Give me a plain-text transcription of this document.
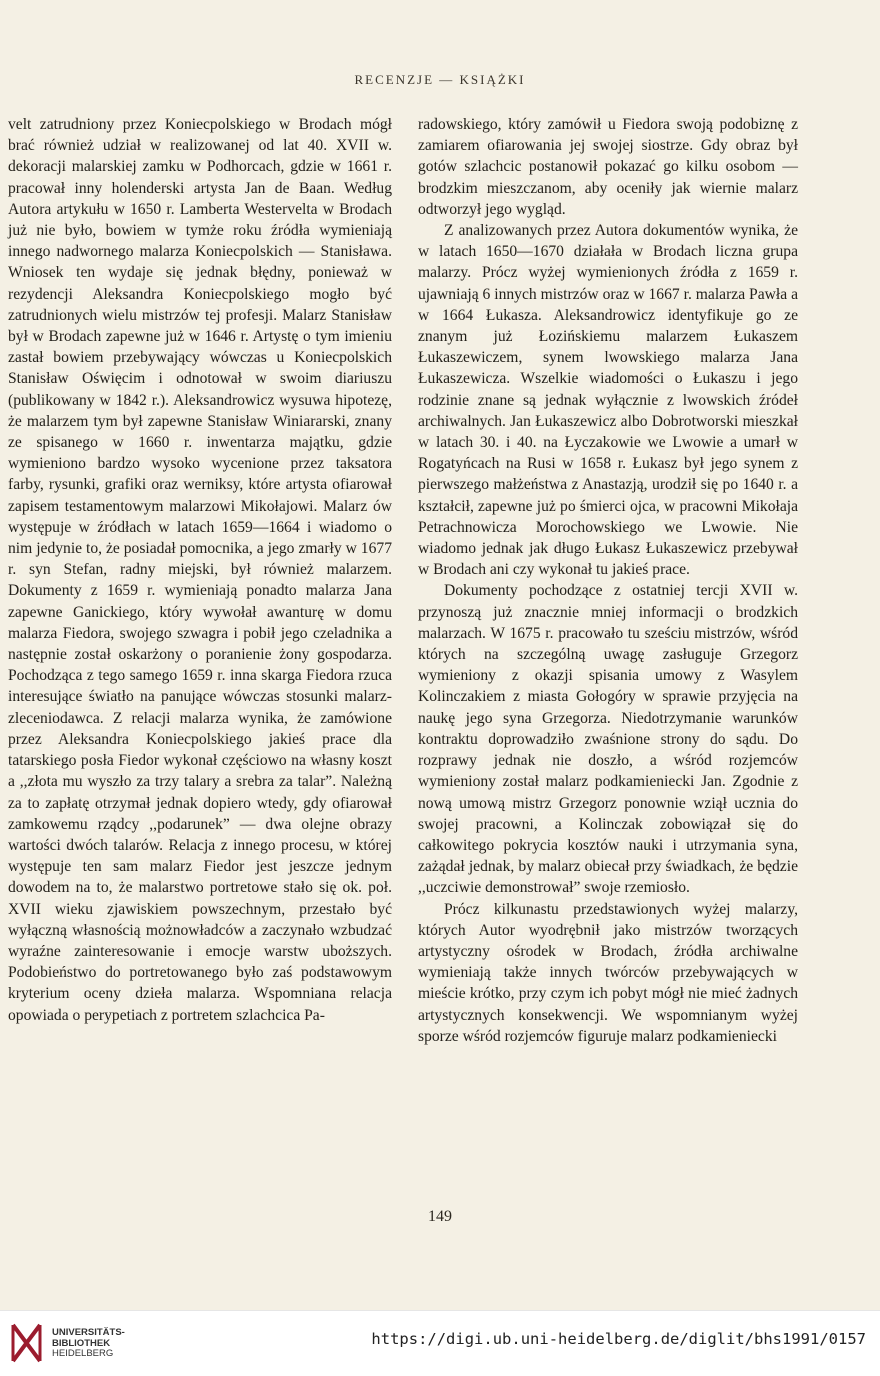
RECENZJE — KSIĄŻKI

velt zatrudniony przez Koniecpolskiego w Brodach mógł brać również udział w realizowanej od lat 40. XVII w. dekoracji malarskiej zamku w Podhorcach, gdzie w 1661 r. pracował inny holenderski artysta Jan de Baan. Według Autora artykułu w 1650 r. Lamberta Westervelta w Brodach już nie było, bowiem w tymże roku źródła wymieniają innego nadwornego malarza Koniecpolskich — Stanisława. Wniosek ten wydaje się jednak błędny, ponieważ w rezydencji Aleksandra Koniecpolskiego mogło być zatrudnionych wielu mistrzów tej profesji. Malarz Stanisław był w Brodach zapewne już w 1646 r. Artystę o tym imieniu zastał bowiem przebywający wówczas u Koniecpolskich Stanisław Oświęcim i odnotował w swoim diariuszu (publikowany w 1842 r.). Aleksandrowicz wysuwa hipotezę, że malarzem tym był zapewne Stanisław Winiararski, znany ze spisanego w 1660 r. inwentarza majątku, gdzie wymieniono bardzo wysoko wycenione przez taksatora farby, rysunki, grafiki oraz werniksy, które artysta ofiarował zapisem testamentowym malarzowi Mikołajowi. Malarz ów występuje w źródłach w latach 1659—1664 i wiadomo o nim jedynie to, że posiadał pomocnika, a jego zmarły w 1677 r. syn Stefan, radny miejski, był również malarzem. Dokumenty z 1659 r. wymieniają ponadto malarza Jana zapewne Ganickiego, który wywołał awanturę w domu malarza Fiedora, swojego szwagra i pobił jego czeladnika a następnie został oskarżony o poranienie żony gospodarza. Pochodząca z tego samego 1659 r. inna skarga Fiedora rzuca interesujące światło na panujące wówczas stosunki malarz-zleceniodawca. Z relacji malarza wynika, że zamówione przez Aleksandra Koniecpolskiego jakieś prace dla tatarskiego posła Fiedor wykonał częściowo na własny koszt a ,,złota mu wyszło za trzy talary a srebra za talar”. Należną za to zapłatę otrzymał jednak dopiero wtedy, gdy ofiarował zamkowemu rządcy ,,podarunek” — dwa olejne obrazy wartości dwóch talarów. Relacja z innego procesu, w której występuje ten sam malarz Fiedor jest jeszcze jednym dowodem na to, że malarstwo portretowe stało się ok. poł. XVII wieku zjawiskiem powszechnym, przestało być wyłączną własnością możnowładców a zaczynało wzbudzać wyraźne zainteresowanie i emocje warstw uboższych. Podobieństwo do portretowanego było zaś podstawowym kryterium oceny dzieła malarza. Wspomniana relacja opowiada o perypetiach z portretem szlachcica Pa-

radowskiego, który zamówił u Fiedora swoją podobiznę z zamiarem ofiarowania jej swojej siostrze. Gdy obraz był gotów szlachcic postanowił pokazać go kilku osobom — brodzkim mieszczanom, aby oceniły jak wiernie malarz odtworzył jego wygląd.

Z analizowanych przez Autora dokumentów wynika, że w latach 1650—1670 działała w Brodach liczna grupa malarzy. Prócz wyżej wymienionych źródła z 1659 r. ujawniają 6 innych mistrzów oraz w 1667 r. malarza Pawła a w 1664 Łukasza. Aleksandrowicz identyfikuje go ze znanym już Łozińskiemu malarzem Łukaszem Łukaszewiczem, synem lwowskiego malarza Jana Łukaszewicza. Wszelkie wiadomości o Łukaszu i jego rodzinie znane są jednak wyłącznie z lwowskich źródeł archiwalnych. Jan Łukaszewicz albo Dobrotworski mieszkał w latach 30. i 40. na Łyczakowie we Lwowie a umarł w Rogatyńcach na Rusi w 1658 r. Łukasz był jego synem z pierwszego małżeństwa z Anastazją, urodził się po 1640 r. a kształcił, zapewne już po śmierci ojca, w pracowni Mikołaja Petrachnowicza Morochowskiego we Lwowie. Nie wiadomo jednak jak długo Łukasz Łukaszewicz przebywał w Brodach ani czy wykonał tu jakieś prace.

Dokumenty pochodzące z ostatniej tercji XVII w. przynoszą już znacznie mniej informacji o brodzkich malarzach. W 1675 r. pracowało tu sześciu mistrzów, wśród których na szczególną uwagę zasługuje Grzegorz wymieniony z okazji spisania umowy z Wasylem Kolinczakiem z miasta Gołogóry w sprawie przyjęcia na naukę jego syna Grzegorza. Niedotrzymanie warunków kontraktu doprowadziło zwaśnione strony do sądu. Do rozprawy jednak nie doszło, a wśród rozjemców wymieniony został malarz podkamieniecki Jan. Zgodnie z nową umową mistrz Grzegorz ponownie wziął ucznia do swojej pracowni, a Kolinczak zobowiązał się do całkowitego pokrycia kosztów nauki i utrzymania syna, zażądał jednak, by malarz obiecał przy świadkach, że będzie ,,uczciwie demonstrował” swoje rzemiosło.

Prócz kilkunastu przedstawionych wyżej malarzy, których Autor wyodrębnił jako mistrzów tworzących artystyczny ośrodek w Brodach, źródła archiwalne wymieniają także innych twórców przebywających w mieście krótko, przy czym ich pobyt mógł nie mieć żadnych artystycznych konsekwencji. We wspomnianym wyżej sporze wśród rozjemców figuruje malarz podkamieniecki

149
UNIVERSITÄTS-
BIBLIOTHEK
HEIDELBERG
https://digi.ub.uni-heidelberg.de/diglit/bhs1991/0157
